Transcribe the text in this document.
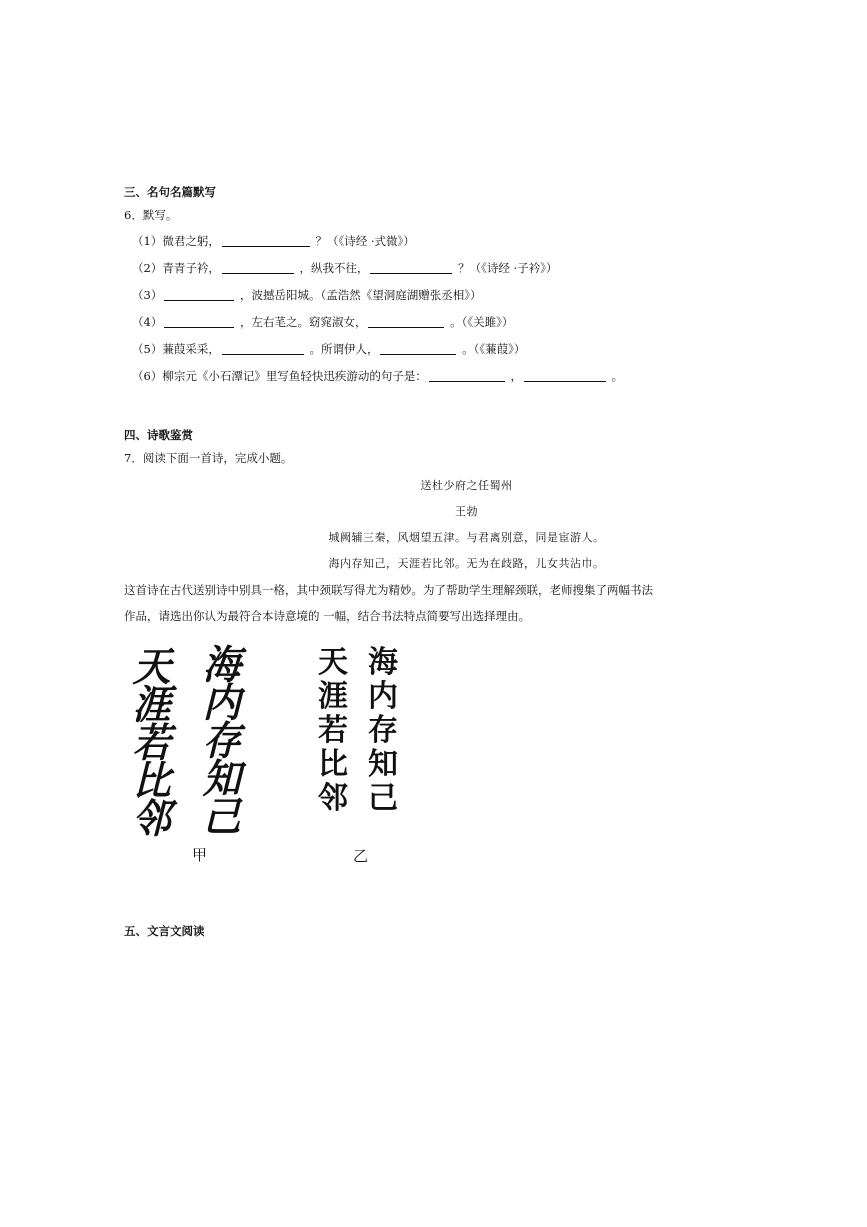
三、名句名篇默写
6．默写。
（1）微君之躬，	？（《诗经 ·式微》）
（2）青青子衿，	，纵我不往，	？（《诗经 ·子衿》）
（3）	，波撼岳阳城。（孟浩然《望洞庭湖赠张丞相》）
（4）	，左右芼之。窈窕淑女，	。（《关雎》）
（5）蒹葭采采，	。所谓伊人，	。（《蒹葭》）
（6）柳宗元《小石潭记》里写鱼轻快迅疾游动的句子是：	，	。
四、诗歌鉴赏
7．阅读下面一首诗，完成小题。
送杜少府之任蜀州
王勃
城阙辅三秦，风烟望五津。与君离别意，同是宦游人。
海内存知己，天涯若比邻。无为在歧路，儿女共沾巾。
这首诗在古代送别诗中别具一格，其中颈联写得尤为精妙。为了帮助学生理解颈联，老师搜集了两幅书法
作品，请选出你认为最符合本诗意境的 一幅，结合书法特点简要写出选择理由。
天
涯
若
比
邻
海
内
存
知
己
甲
天
涯
若
比
邻
海
内
存
知
己
乙
五、文言文阅读
